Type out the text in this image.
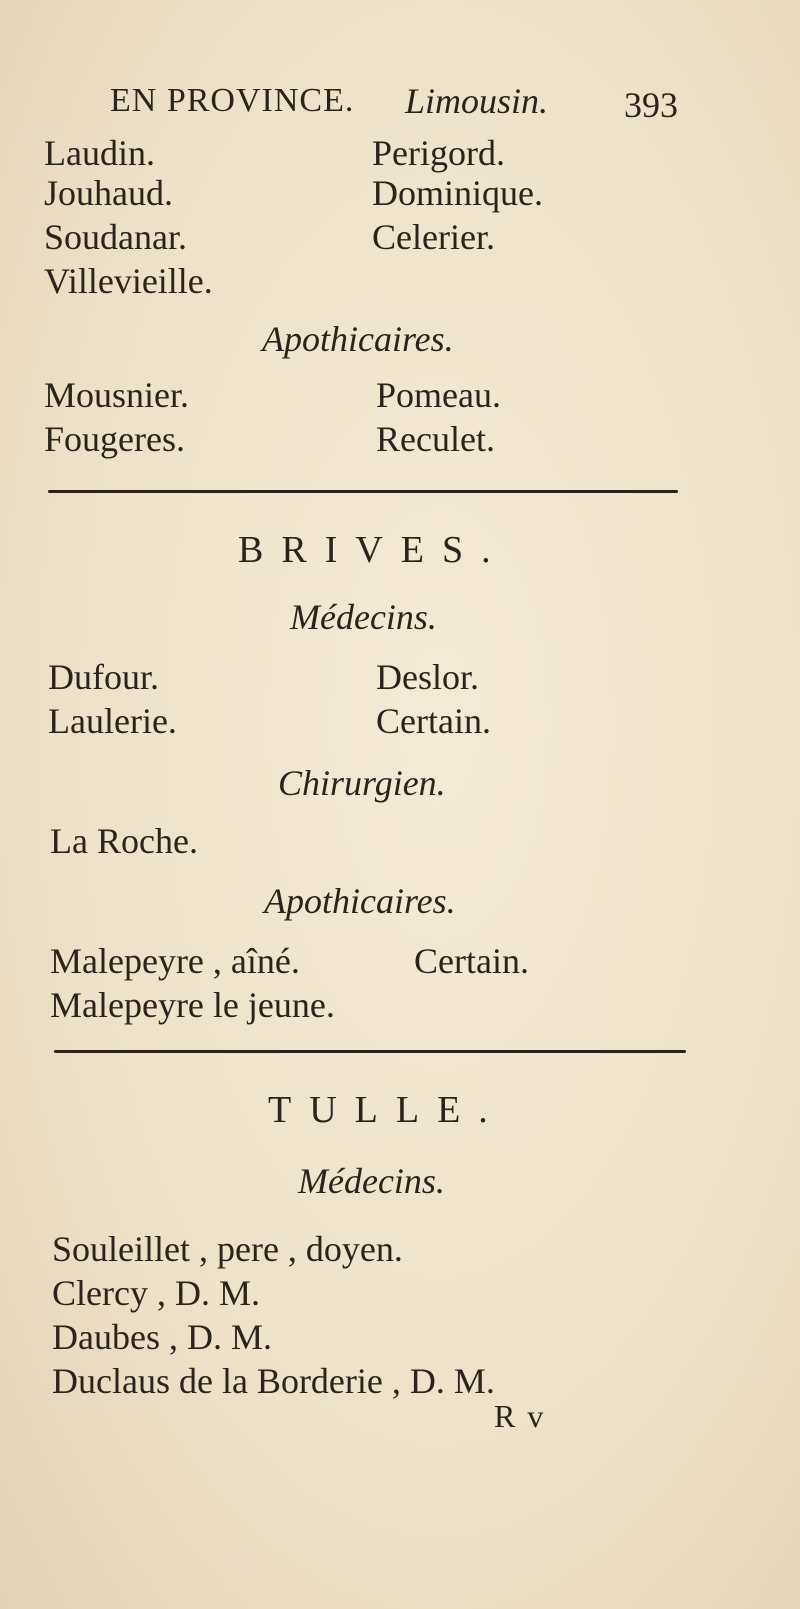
EN PROVINCE. Limousin. 393
Laudin.
Jouhaud.
Soudanar.
Villevieille.
Perigord.
Dominique.
Celerier.
Apothicaires.
Mousnier.
Fougeres.
Pomeau.
Reculet.
BRIVES.
Médecins.
Dufour.
Laulerie.
Deslor.
Certain.
Chirurgien.
La Roche.
Apothicaires.
Malepeyre , aîné.
Malepeyre le jeune.
Certain.
TULLE.
Médecins.
Souleillet , pere , doyen.
Clercy , D. M.
Daubes , D. M.
Duclaus de la Borderie , D. M.
R v
